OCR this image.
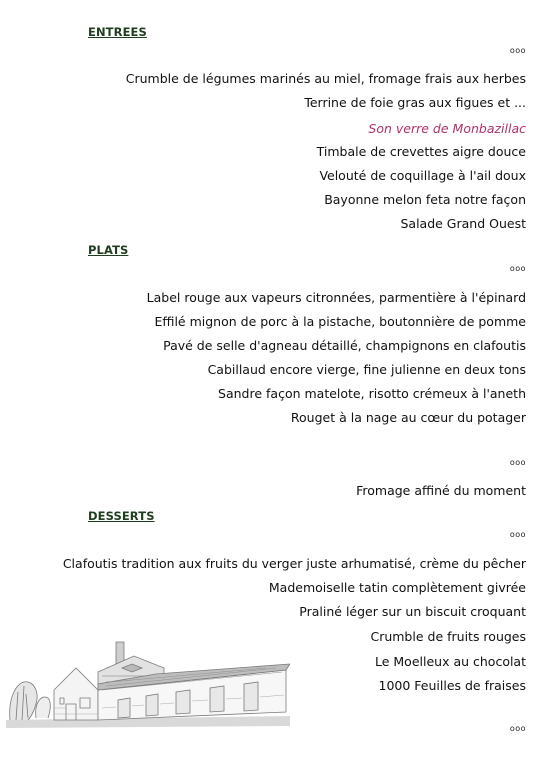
ENTREES
ooo
Crumble de légumes marinés au miel, fromage frais aux herbes
Terrine de foie gras aux figues et ...
Son verre de Monbazillac
Timbale de crevettes aigre douce
Velouté de coquillage à l'ail doux
Bayonne melon feta notre façon
Salade Grand Ouest
PLATS
ooo
Label rouge aux vapeurs citronnées, parmentière à l'épinard
Effilé mignon de porc à la pistache, boutonnière de pomme
Pavé de selle d'agneau détaillé, champignons en clafoutis
Cabillaud encore vierge, fine julienne en deux tons
Sandre façon matelote, risotto crémeux à l'aneth
Rouget à la nage au cœur du potager
ooo
Fromage affiné du moment
DESSERTS
ooo
Clafoutis tradition aux fruits du verger juste arhumatisé, crème du pêcher
Mademoiselle tatin complètement givrée
Praliné léger sur un biscuit croquant
Crumble de fruits rouges
Le Moelleux au chocolat
1000 Feuilles de fraises
ooo
